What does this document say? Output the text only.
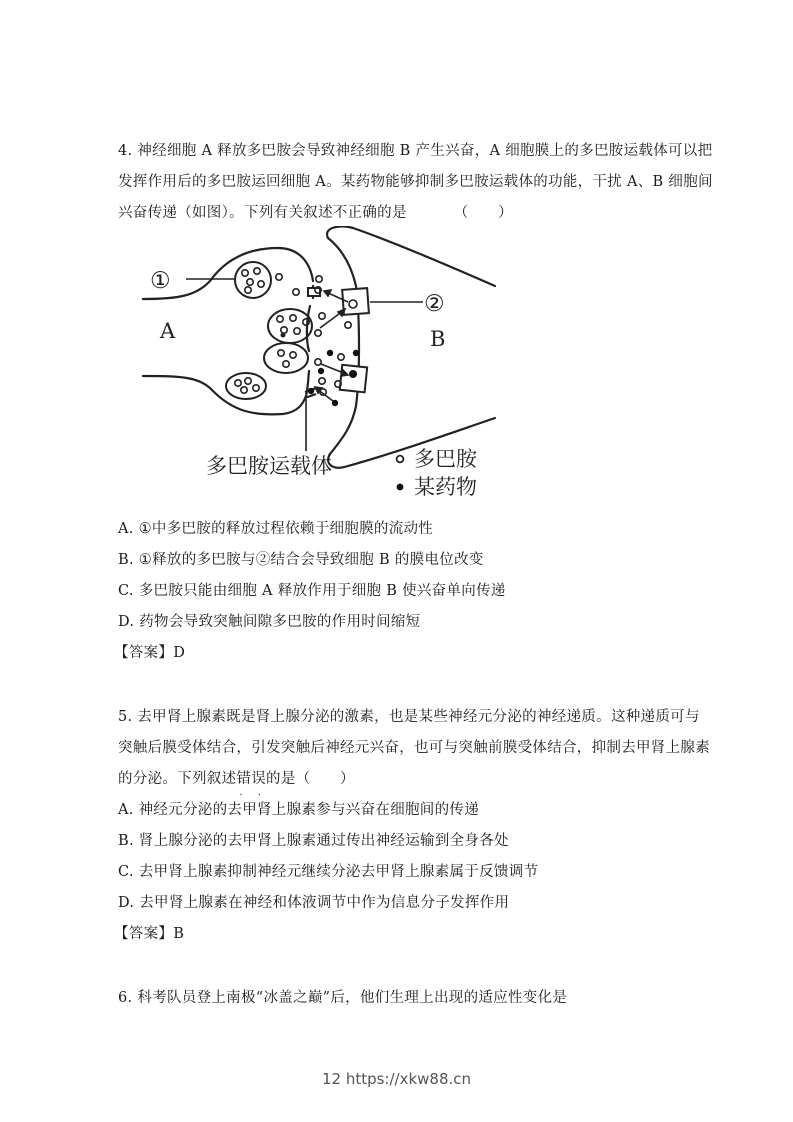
4. 神经细胞 A 释放多巴胺会导致神经细胞 B 产生兴奋，A 细胞膜上的多巴胺运载体可以把
发挥作用后的多巴胺运回细胞 A。某药物能够抑制多巴胺运载体的功能，干扰 A、B 细胞间
兴奋传递（如图）。下列有关叙述不正确的是	（　　）
A	B
①
②
多巴胺运载体	多巴胺
某药物
A. ①中多巴胺的释放过程依赖于细胞膜的流动性
B. ①释放的多巴胺与②结合会导致细胞 B 的膜电位改变
C. 多巴胺只能由细胞 A 释放作用于细胞 B 使兴奋单向传递
D. 药物会导致突触间隙多巴胺的作用时间缩短
【答案】D
5. 去甲肾上腺素既是肾上腺分泌的激素，也是某些神经元分泌的神经递质。这种递质可与
突触后膜受体结合，引发突触后神经元兴奋，也可与突触前膜受体结合，抑制去甲肾上腺素
的分泌。下列叙述错误 · ·的是（　　）
A. 神经元分泌的去甲肾上腺素参与兴奋在细胞间的传递
B. 肾上腺分泌的去甲肾上腺素通过传出神经运输到全身各处
C. 去甲肾上腺素抑制神经元继续分泌去甲肾上腺素属于反馈调节
D. 去甲肾上腺素在神经和体液调节中作为信息分子发挥作用
【答案】B
6. 科考队员登上南极“冰盖之巅”后，他们生理上出现的适应性变化是
12 https://xkw88.cn
